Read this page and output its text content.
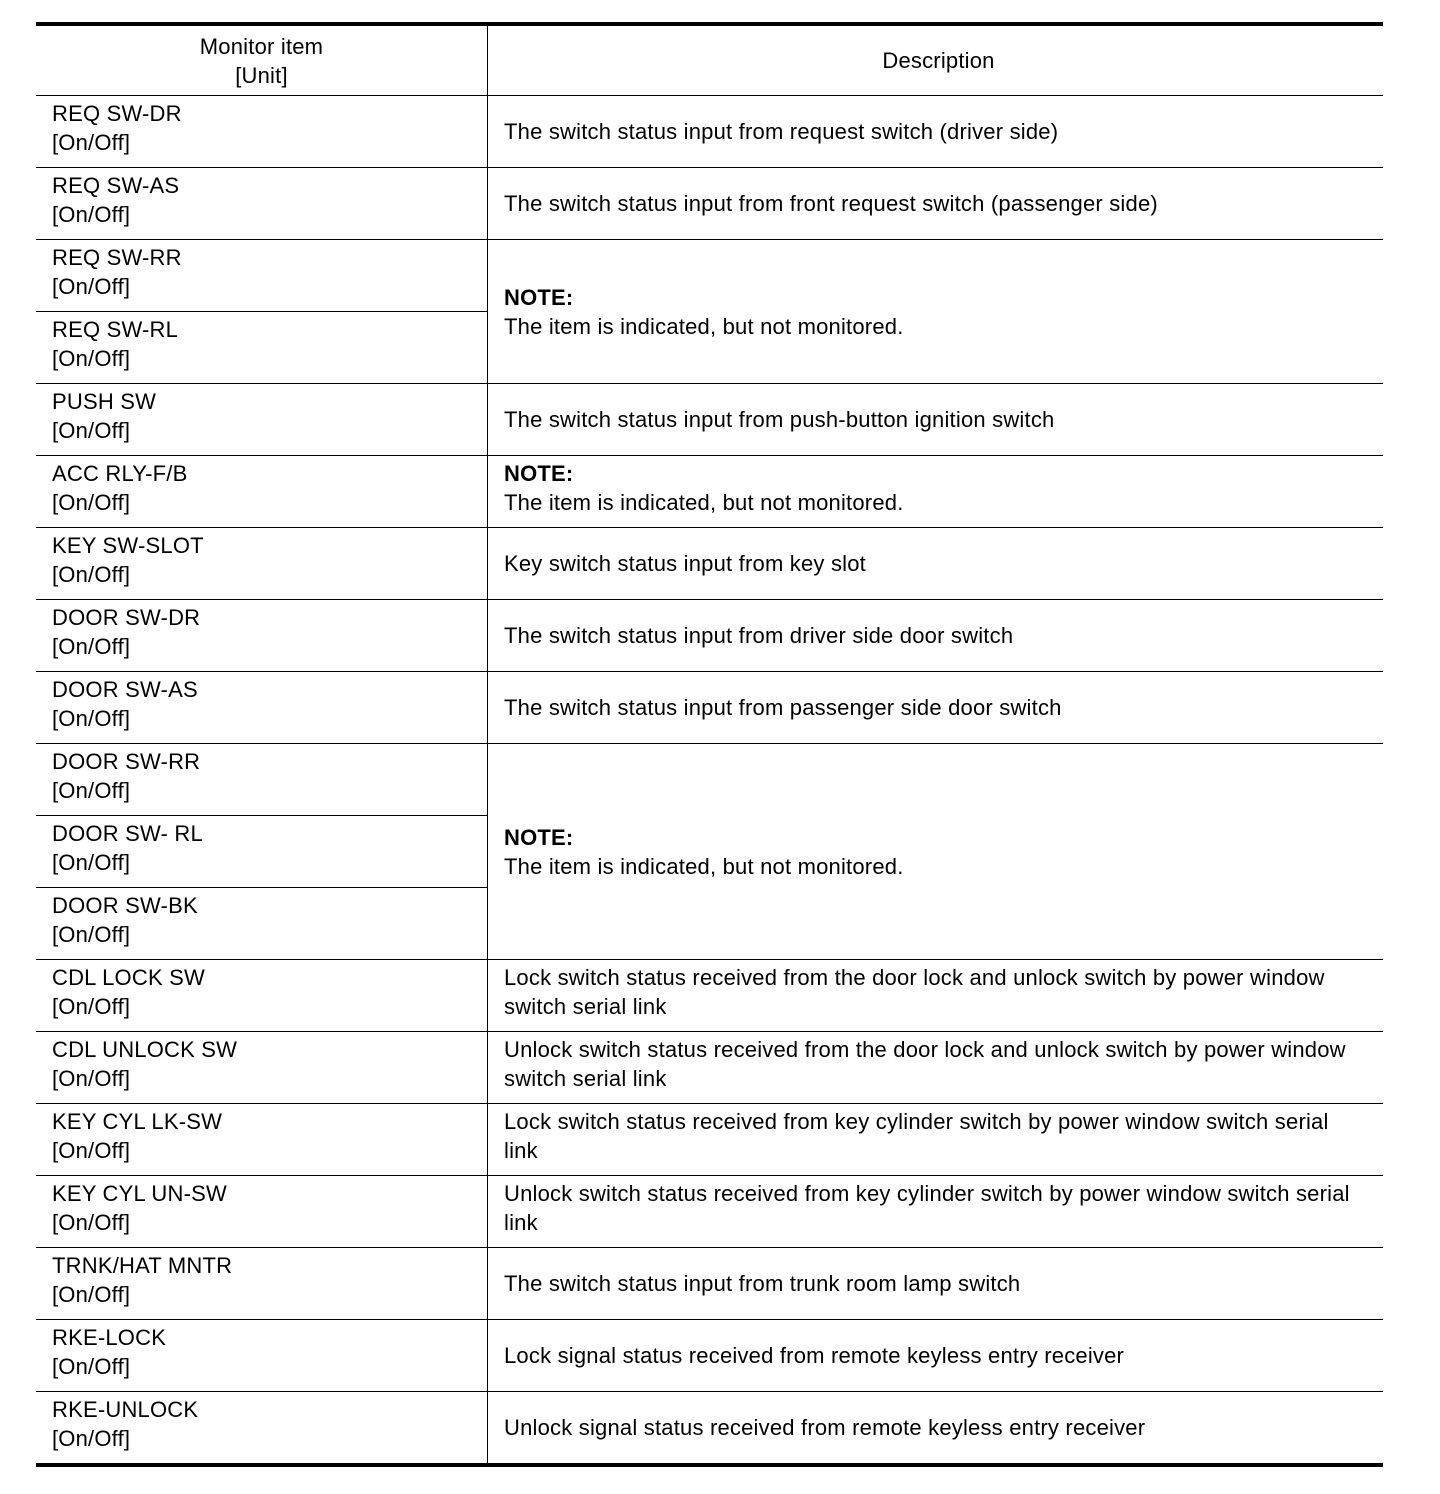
Monitor item
[Unit]	Description

REQ SW-DR
[On/Off]	The switch status input from request switch (driver side)

REQ SW-AS
[On/Off]	The switch status input from front request switch (passenger side)

REQ SW-RR
[On/Off]	NOTE:
The item is indicated, but not monitored.

REQ SW-RL
[On/Off]	

PUSH SW
[On/Off]	The switch status input from push-button ignition switch

ACC RLY-F/B
[On/Off]	NOTE:
The item is indicated, but not monitored.

KEY SW-SLOT
[On/Off]	Key switch status input from key slot

DOOR SW-DR
[On/Off]	The switch status input from driver side door switch

DOOR SW-AS
[On/Off]	The switch status input from passenger side door switch

DOOR SW-RR
[On/Off]	NOTE:
The item is indicated, but not monitored.

DOOR SW- RL
[On/Off]	

DOOR SW-BK
[On/Off]	

CDL LOCK SW
[On/Off]	Lock switch status received from the door lock and unlock switch by power window
switch serial link

CDL UNLOCK SW
[On/Off]	Unlock switch status received from the door lock and unlock switch by power window
switch serial link

KEY CYL LK-SW
[On/Off]	Lock switch status received from key cylinder switch by power window switch serial
link

KEY CYL UN-SW
[On/Off]	Unlock switch status received from key cylinder switch by power window switch serial
link

TRNK/HAT MNTR
[On/Off]	The switch status input from trunk room lamp switch

RKE-LOCK
[On/Off]	Lock signal status received from remote keyless entry receiver

RKE-UNLOCK
[On/Off]	Unlock signal status received from remote keyless entry receiver
